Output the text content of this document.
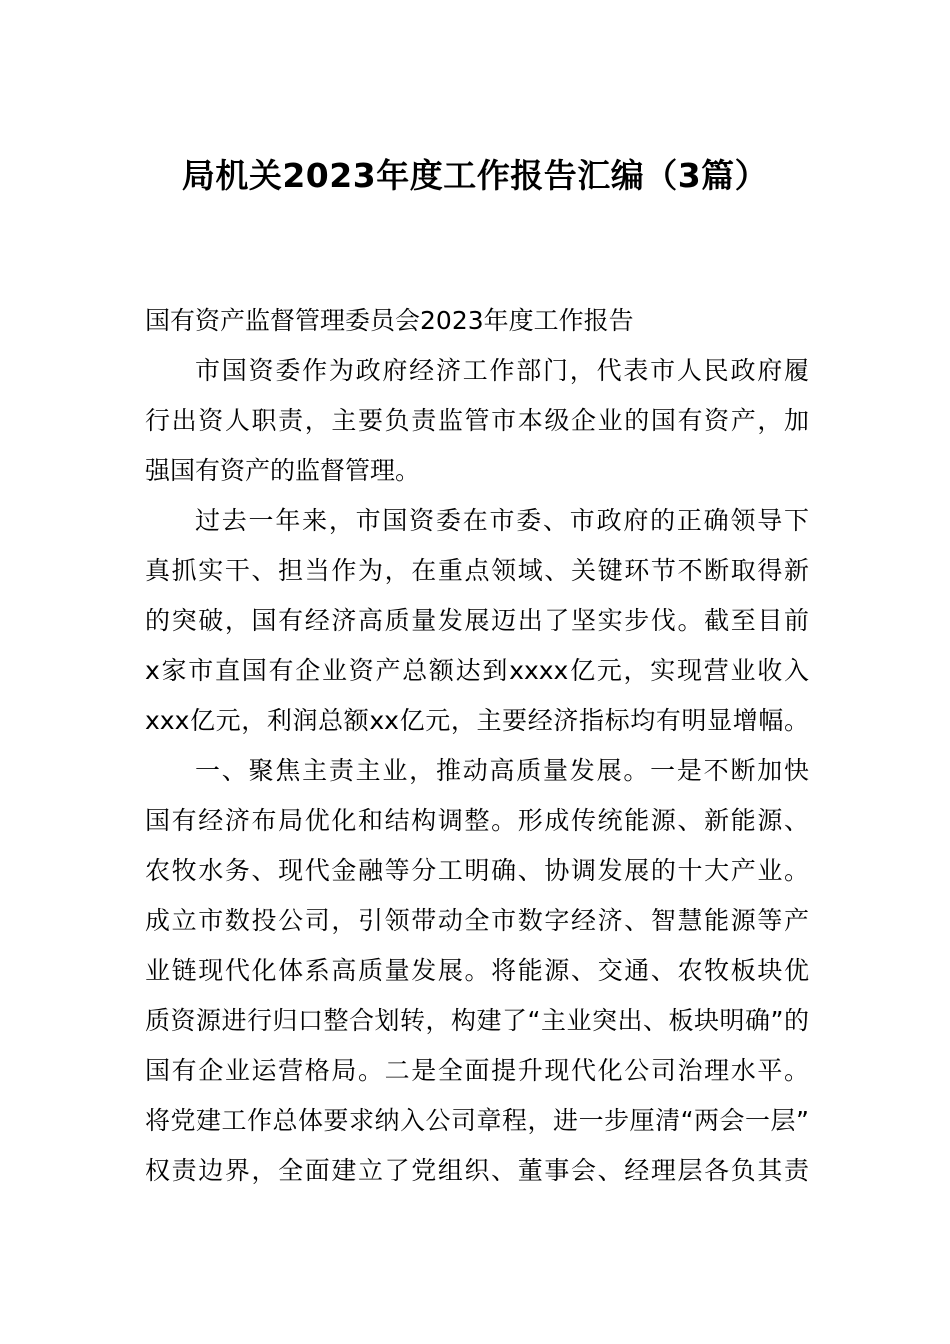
局机关2023年度工作报告汇编（3篇）
国有资产监督管理委员会2023年度工作报告
市国资委作为政府经济工作部门，代表市人民政府履
行出资人职责，主要负责监管市本级企业的国有资产，加
强国有资产的监督管理。
过去一年来，市国资委在市委、市政府的正确领导下
真抓实干、担当作为，在重点领域、关键环节不断取得新
的突破，国有经济高质量发展迈出了坚实步伐。截至目前
x家市直国有企业资产总额达到xxxx亿元，实现营业收入
xxx亿元，利润总额xx亿元，主要经济指标均有明显增幅。
一、聚焦主责主业，推动高质量发展。一是不断加快
国有经济布局优化和结构调整。形成传统能源、新能源、
农牧水务、现代金融等分工明确、协调发展的十大产业。
成立市数投公司，引领带动全市数字经济、智慧能源等产
业链现代化体系高质量发展。将能源、交通、农牧板块优
质资源进行归口整合划转，构建了“主业突出、板块明确”的
国有企业运营格局。二是全面提升现代化公司治理水平。
将党建工作总体要求纳入公司章程，进一步厘清“两会一层”
权责边界，全面建立了党组织、董事会、经理层各负其责
